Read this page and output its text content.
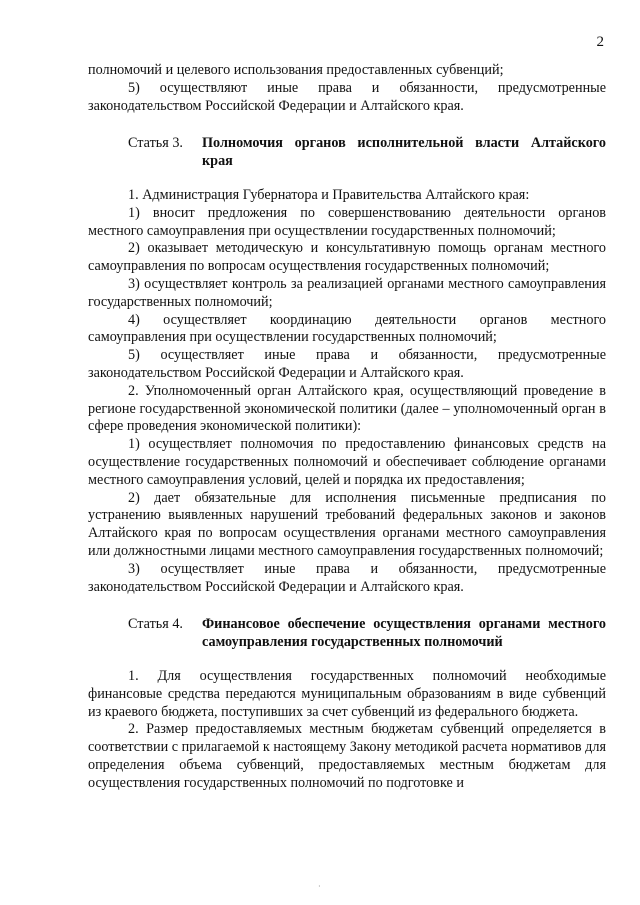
2

полномочий и целевого использования предоставленных субвенций;

5) осуществляют иные права и обязанности, предусмотренные законодательством Российской Федерации и Алтайского края.

Статья 3.	Полномочия органов исполнительной власти Алтайского края

1. Администрация Губернатора и Правительства Алтайского края:

1) вносит предложения по совершенствованию деятельности органов местного самоуправления при осуществлении государственных полномочий;

2) оказывает методическую и консультативную помощь органам местного самоуправления по вопросам осуществления государственных полномочий;

3) осуществляет контроль за реализацией органами местного самоуправления государственных полномочий;

4) осуществляет координацию деятельности органов местного самоуправления при осуществлении государственных полномочий;

5) осуществляет иные права и обязанности, предусмотренные законодательством Российской Федерации и Алтайского края.

2. Уполномоченный орган Алтайского края, осуществляющий проведение в регионе государственной экономической политики (далее – уполномоченный орган в сфере проведения экономической политики):

1) осуществляет полномочия по предоставлению финансовых средств на осуществление государственных полномочий и обеспечивает соблюдение органами местного самоуправления условий, целей и порядка их предоставления;

2) дает обязательные для исполнения письменные предписания по устранению выявленных нарушений требований федеральных законов и законов Алтайского края по вопросам осуществления органами местного самоуправления или должностными лицами местного самоуправления государственных полномочий;

3) осуществляет иные права и обязанности, предусмотренные законодательством Российской Федерации и Алтайского края.

Статья 4.	Финансовое обеспечение осуществления органами местного самоуправления государственных полномочий

1. Для осуществления государственных полномочий необходимые финансовые средства передаются муниципальным образованиям в виде субвенций из краевого бюджета, поступивших за счет субвенций из федерального бюджета.

2. Размер предоставляемых местным бюджетам субвенций определяется в соответствии с прилагаемой к настоящему Закону методикой расчета нормативов для определения объема субвенций, предоставляемых местным бюджетам для осуществления государственных полномочий по подготовке и

·
